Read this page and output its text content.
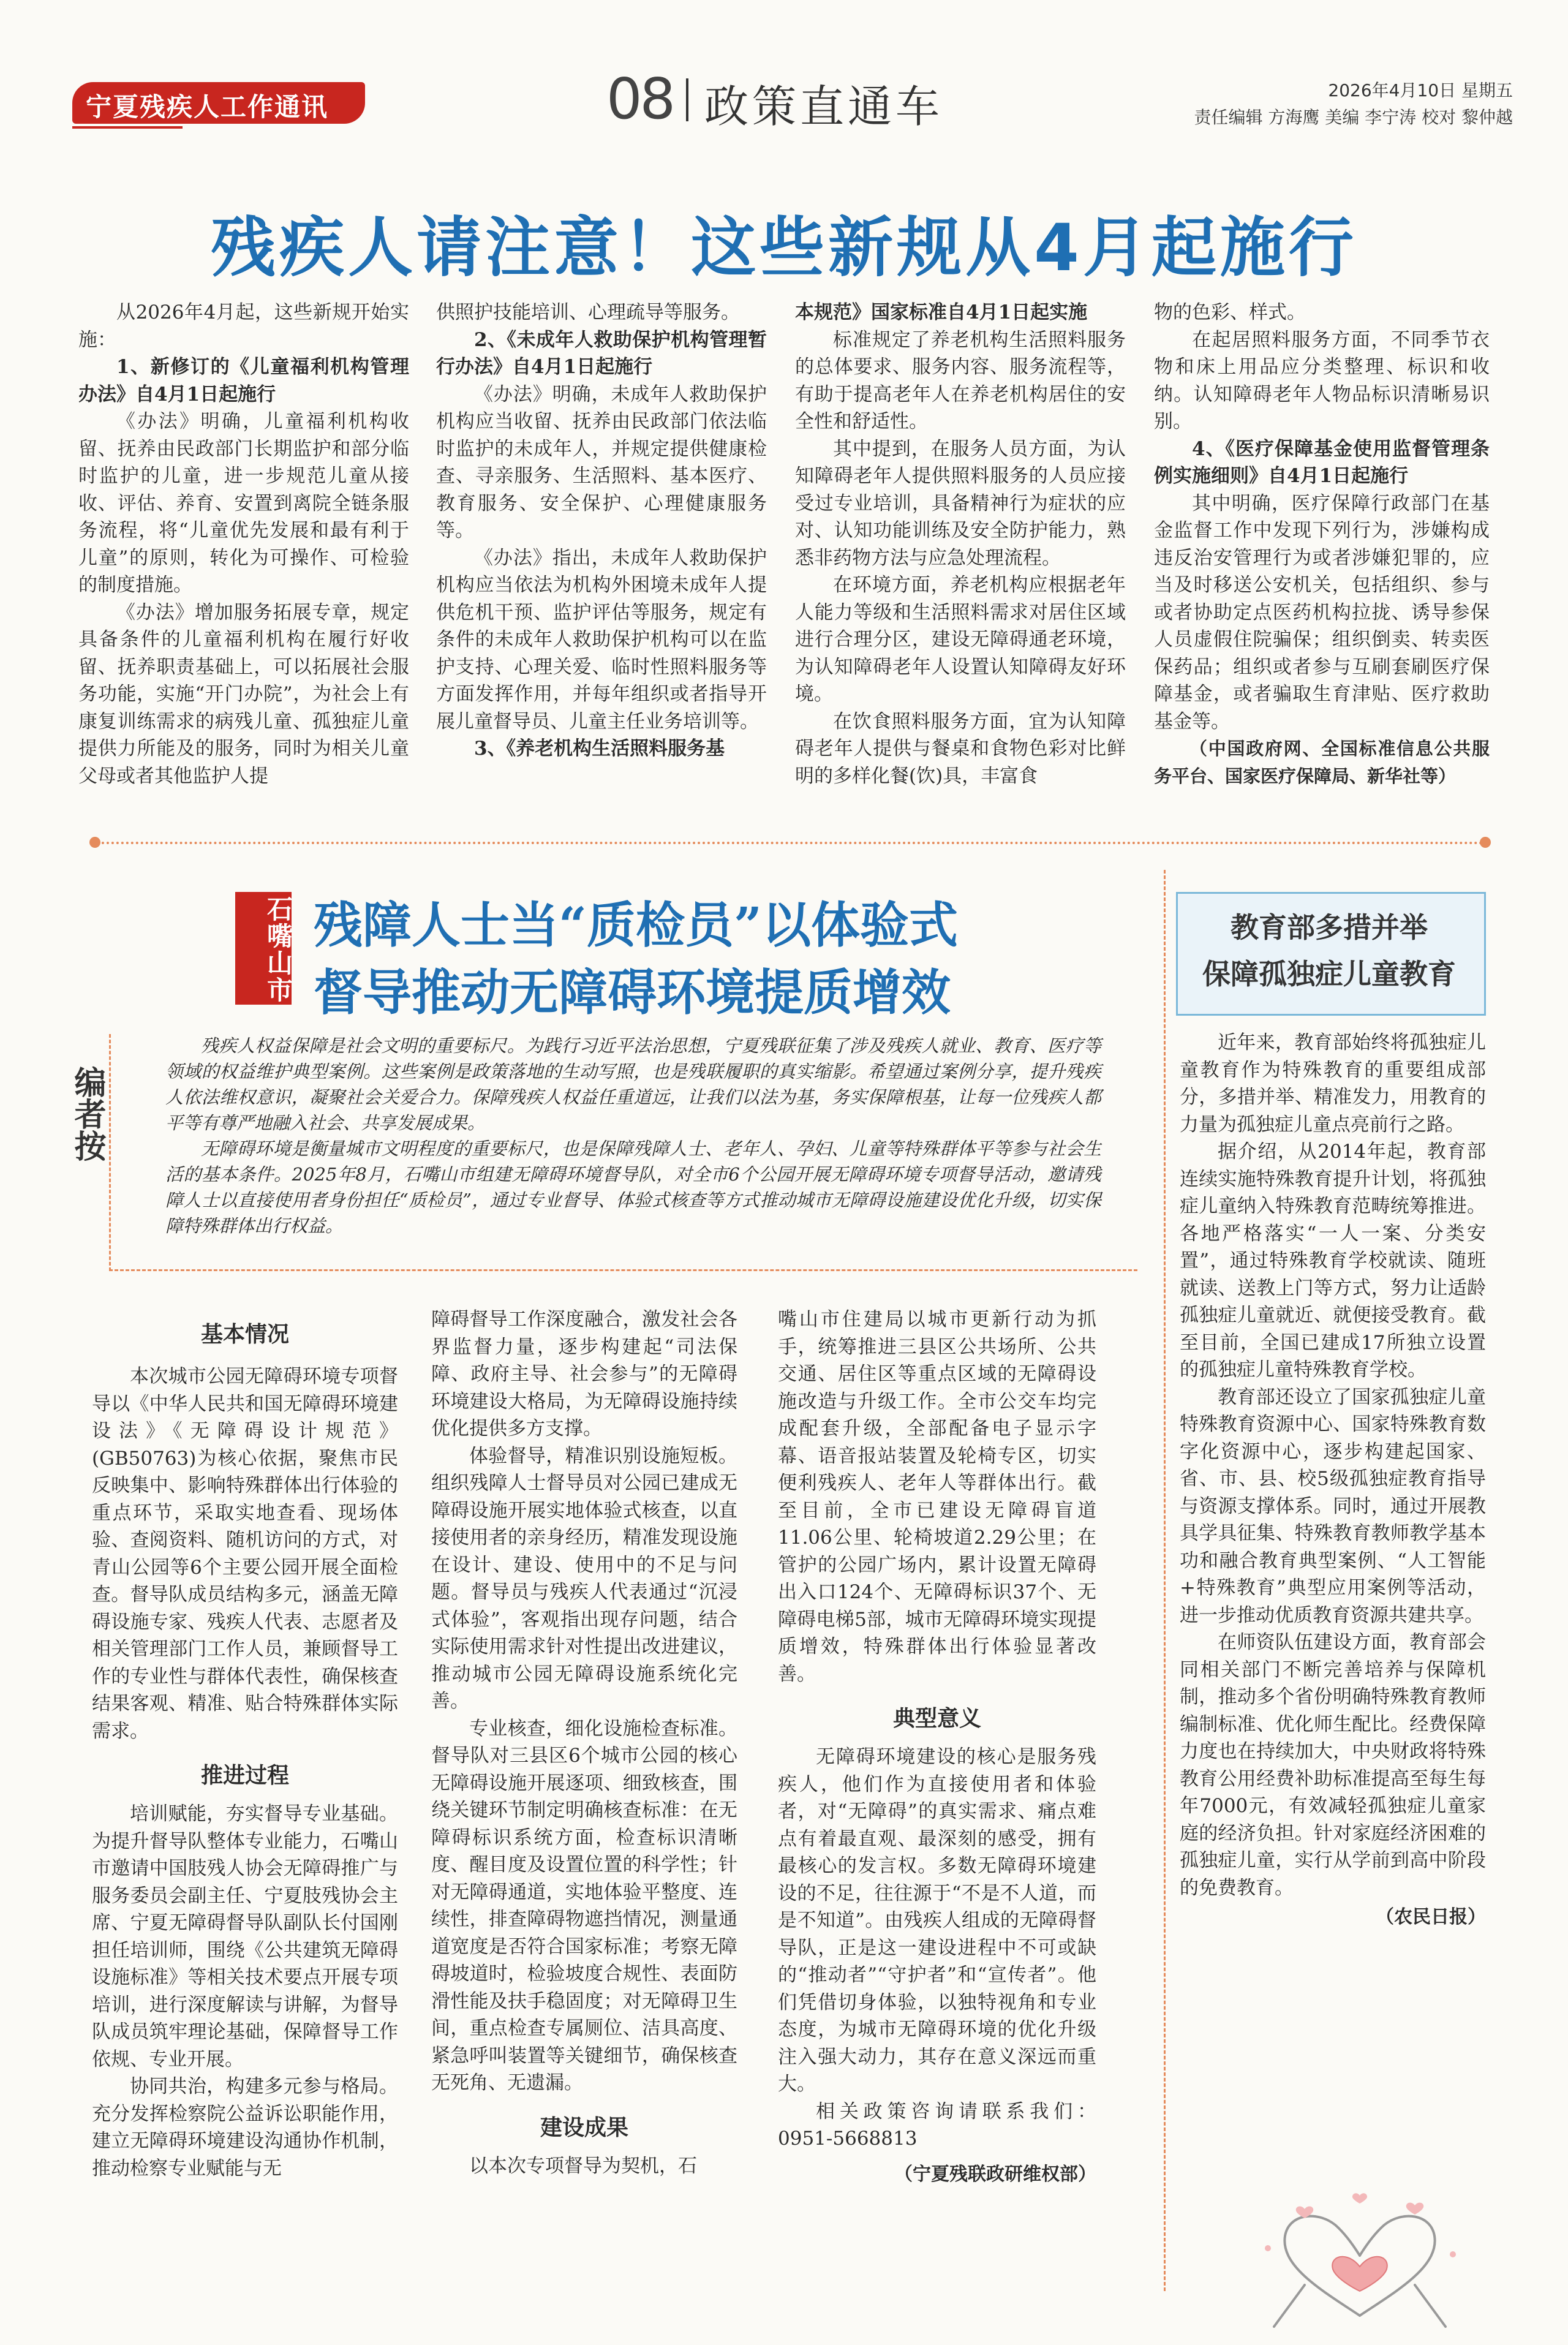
宁夏残疾人工作通讯	08 政策直通车	2026年4月10日 星期五
责任编辑 方海鹰 美编 李宁涛 校对 黎仲越
残疾人请注意！这些新规从4月起施行

从2026年4月起，这些新规开始实施：

1、新修订的《儿童福利机构管理办法》自4月1日起施行

《办法》明确，儿童福利机构收留、抚养由民政部门长期监护和部分临时监护的儿童，进一步规范儿童从接收、评估、养育、安置到离院全链条服务流程，将“儿童优先发展和最有利于儿童”的原则，转化为可操作、可检验的制度措施。

《办法》增加服务拓展专章，规定具备条件的儿童福利机构在履行好收留、抚养职责基础上，可以拓展社会服务功能，实施“开门办院”，为社会上有康复训练需求的病残儿童、孤独症儿童提供力所能及的服务，同时为相关儿童父母或者其他监护人提

供照护技能培训、心理疏导等服务。

2、《未成年人救助保护机构管理暂行办法》自4月1日起施行

《办法》明确，未成年人救助保护机构应当收留、抚养由民政部门依法临时监护的未成年人，并规定提供健康检查、寻亲服务、生活照料、基本医疗、教育服务、安全保护、心理健康服务等。

《办法》指出，未成年人救助保护机构应当依法为机构外困境未成年人提供危机干预、监护评估等服务，规定有条件的未成年人救助保护机构可以在监护支持、心理关爱、临时性照料服务等方面发挥作用，并每年组织或者指导开展儿童督导员、儿童主任业务培训等。

3、《养老机构生活照料服务基

本规范》国家标准自4月1日起实施

标准规定了养老机构生活照料服务的总体要求、服务内容、服务流程等，有助于提高老年人在养老机构居住的安全性和舒适性。

其中提到，在服务人员方面，为认知障碍老年人提供照料服务的人员应接受过专业培训，具备精神行为症状的应对、认知功能训练及安全防护能力，熟悉非药物方法与应急处理流程。

在环境方面，养老机构应根据老年人能力等级和生活照料需求对居住区域进行合理分区，建设无障碍通老环境，为认知障碍老年人设置认知障碍友好环境。

在饮食照料服务方面，宜为认知障碍老年人提供与餐桌和食物色彩对比鲜明的多样化餐(饮)具，丰富食

物的色彩、样式。

在起居照料服务方面，不同季节衣物和床上用品应分类整理、标识和收纳。认知障碍老年人物品标识清晰易识别。

4、《医疗保障基金使用监督管理条例实施细则》自4月1日起施行

其中明确，医疗保障行政部门在基金监督工作中发现下列行为，涉嫌构成违反治安管理行为或者涉嫌犯罪的，应当及时移送公安机关，包括组织、参与或者协助定点医药机构拉拢、诱导参保人员虚假住院骗保；组织倒卖、转卖医保药品；组织或者参与互刷套刷医疗保障基金，或者骗取生育津贴、医疗救助基金等。

（中国政府网、全国标准信息公共服务平台、国家医疗保障局、新华社等）

石嘴山市 残障人士当“质检员”以体验式
督导推动无障碍环境提质增效
编者按

残疾人权益保障是社会文明的重要标尺。为践行习近平法治思想，宁夏残联征集了涉及残疾人就业、教育、医疗等领域的权益维护典型案例。这些案例是政策落地的生动写照，也是残联履职的真实缩影。希望通过案例分享，提升残疾人依法维权意识，凝聚社会关爱合力。保障残疾人权益任重道远，让我们以法为基，务实保障根基，让每一位残疾人都平等有尊严地融入社会、共享发展成果。

无障碍环境是衡量城市文明程度的重要标尺，也是保障残障人士、老年人、孕妇、儿童等特殊群体平等参与社会生活的基本条件。2025年8月，石嘴山市组建无障碍环境督导队，对全市6个公园开展无障碍环境专项督导活动，邀请残障人士以直接使用者身份担任“质检员”，通过专业督导、体验式核查等方式推动城市无障碍设施建设优化升级，切实保障特殊群体出行权益。

基本情况

本次城市公园无障碍环境专项督导以《中华人民共和国无障碍环境建设法》《无障碍设计规范》(GB50763)为核心依据，聚焦市民反映集中、影响特殊群体出行体验的重点环节，采取实地查看、现场体验、查阅资料、随机访问的方式，对青山公园等6个主要公园开展全面检查。督导队成员结构多元，涵盖无障碍设施专家、残疾人代表、志愿者及相关管理部门工作人员，兼顾督导工作的专业性与群体代表性，确保核查结果客观、精准、贴合特殊群体实际需求。

推进过程

培训赋能，夯实督导专业基础。为提升督导队整体专业能力，石嘴山市邀请中国肢残人协会无障碍推广与服务委员会副主任、宁夏肢残协会主席、宁夏无障碍督导队副队长付国刚担任培训师，围绕《公共建筑无障碍设施标准》等相关技术要点开展专项培训，进行深度解读与讲解，为督导队成员筑牢理论基础，保障督导工作依规、专业开展。

协同共治，构建多元参与格局。充分发挥检察院公益诉讼职能作用，建立无障碍环境建设沟通协作机制，推动检察专业赋能与无

障碍督导工作深度融合，激发社会各界监督力量，逐步构建起“司法保障、政府主导、社会参与”的无障碍环境建设大格局，为无障碍设施持续优化提供多方支撑。

体验督导，精准识别设施短板。组织残障人士督导员对公园已建成无障碍设施开展实地体验式核查，以直接使用者的亲身经历，精准发现设施在设计、建设、使用中的不足与问题。督导员与残疾人代表通过“沉浸式体验”，客观指出现存问题，结合实际使用需求针对性提出改进建议，推动城市公园无障碍设施系统化完善。

专业核查，细化设施检查标准。督导队对三县区6个城市公园的核心无障碍设施开展逐项、细致核查，围绕关键环节制定明确核查标准：在无障碍标识系统方面，检查标识清晰度、醒目度及设置位置的科学性；针对无障碍通道，实地体验平整度、连续性，排查障碍物遮挡情况，测量通道宽度是否符合国家标准；考察无障碍坡道时，检验坡度合规性、表面防滑性能及扶手稳固度；对无障碍卫生间，重点检查专属厕位、洁具高度、紧急呼叫装置等关键细节，确保核查无死角、无遗漏。

建设成果

以本次专项督导为契机，石

嘴山市住建局以城市更新行动为抓手，统筹推进三县区公共场所、公共交通、居住区等重点区域的无障碍设施改造与升级工作。全市公交车均完成配套升级，全部配备电子显示字幕、语音报站装置及轮椅专区，切实便利残疾人、老年人等群体出行。截至目前，全市已建设无障碍盲道11.06公里、轮椅坡道2.29公里；在管护的公园广场内，累计设置无障碍出入口124个、无障碍标识37个、无障碍电梯5部，城市无障碍环境实现提质增效，特殊群体出行体验显著改善。

典型意义

无障碍环境建设的核心是服务残疾人，他们作为直接使用者和体验者，对“无障碍”的真实需求、痛点难点有着最直观、最深刻的感受，拥有最核心的发言权。多数无障碍环境建设的不足，往往源于“不是不人道，而是不知道”。由残疾人组成的无障碍督导队，正是这一建设进程中不可或缺的“推动者”“守护者”和“宣传者”。他们凭借切身体验，以独特视角和专业态度，为城市无障碍环境的优化升级注入强大动力，其存在意义深远而重大。

相关政策咨询请联系我们：0951-5668813

（宁夏残联政研维权部）
教育部多措并举
保障孤独症儿童教育

近年来，教育部始终将孤独症儿童教育作为特殊教育的重要组成部分，多措并举、精准发力，用教育的力量为孤独症儿童点亮前行之路。

据介绍，从2014年起，教育部连续实施特殊教育提升计划，将孤独症儿童纳入特殊教育范畴统筹推进。各地严格落实“一人一案、分类安置”，通过特殊教育学校就读、随班就读、送教上门等方式，努力让适龄孤独症儿童就近、就便接受教育。截至目前，全国已建成17所独立设置的孤独症儿童特殊教育学校。

教育部还设立了国家孤独症儿童特殊教育资源中心、国家特殊教育数字化资源中心，逐步构建起国家、省、市、县、校5级孤独症教育指导与资源支撑体系。同时，通过开展教具学具征集、特殊教育教师教学基本功和融合教育典型案例、“人工智能+特殊教育”典型应用案例等活动，进一步推动优质教育资源共建共享。

在师资队伍建设方面，教育部会同相关部门不断完善培养与保障机制，推动多个省份明确特殊教育教师编制标准、优化师生配比。经费保障力度也在持续加大，中央财政将特殊教育公用经费补助标准提高至每生每年7000元，有效减轻孤独症儿童家庭的经济负担。针对家庭经济困难的孤独症儿童，实行从学前到高中阶段的免费教育。

（农民日报）
